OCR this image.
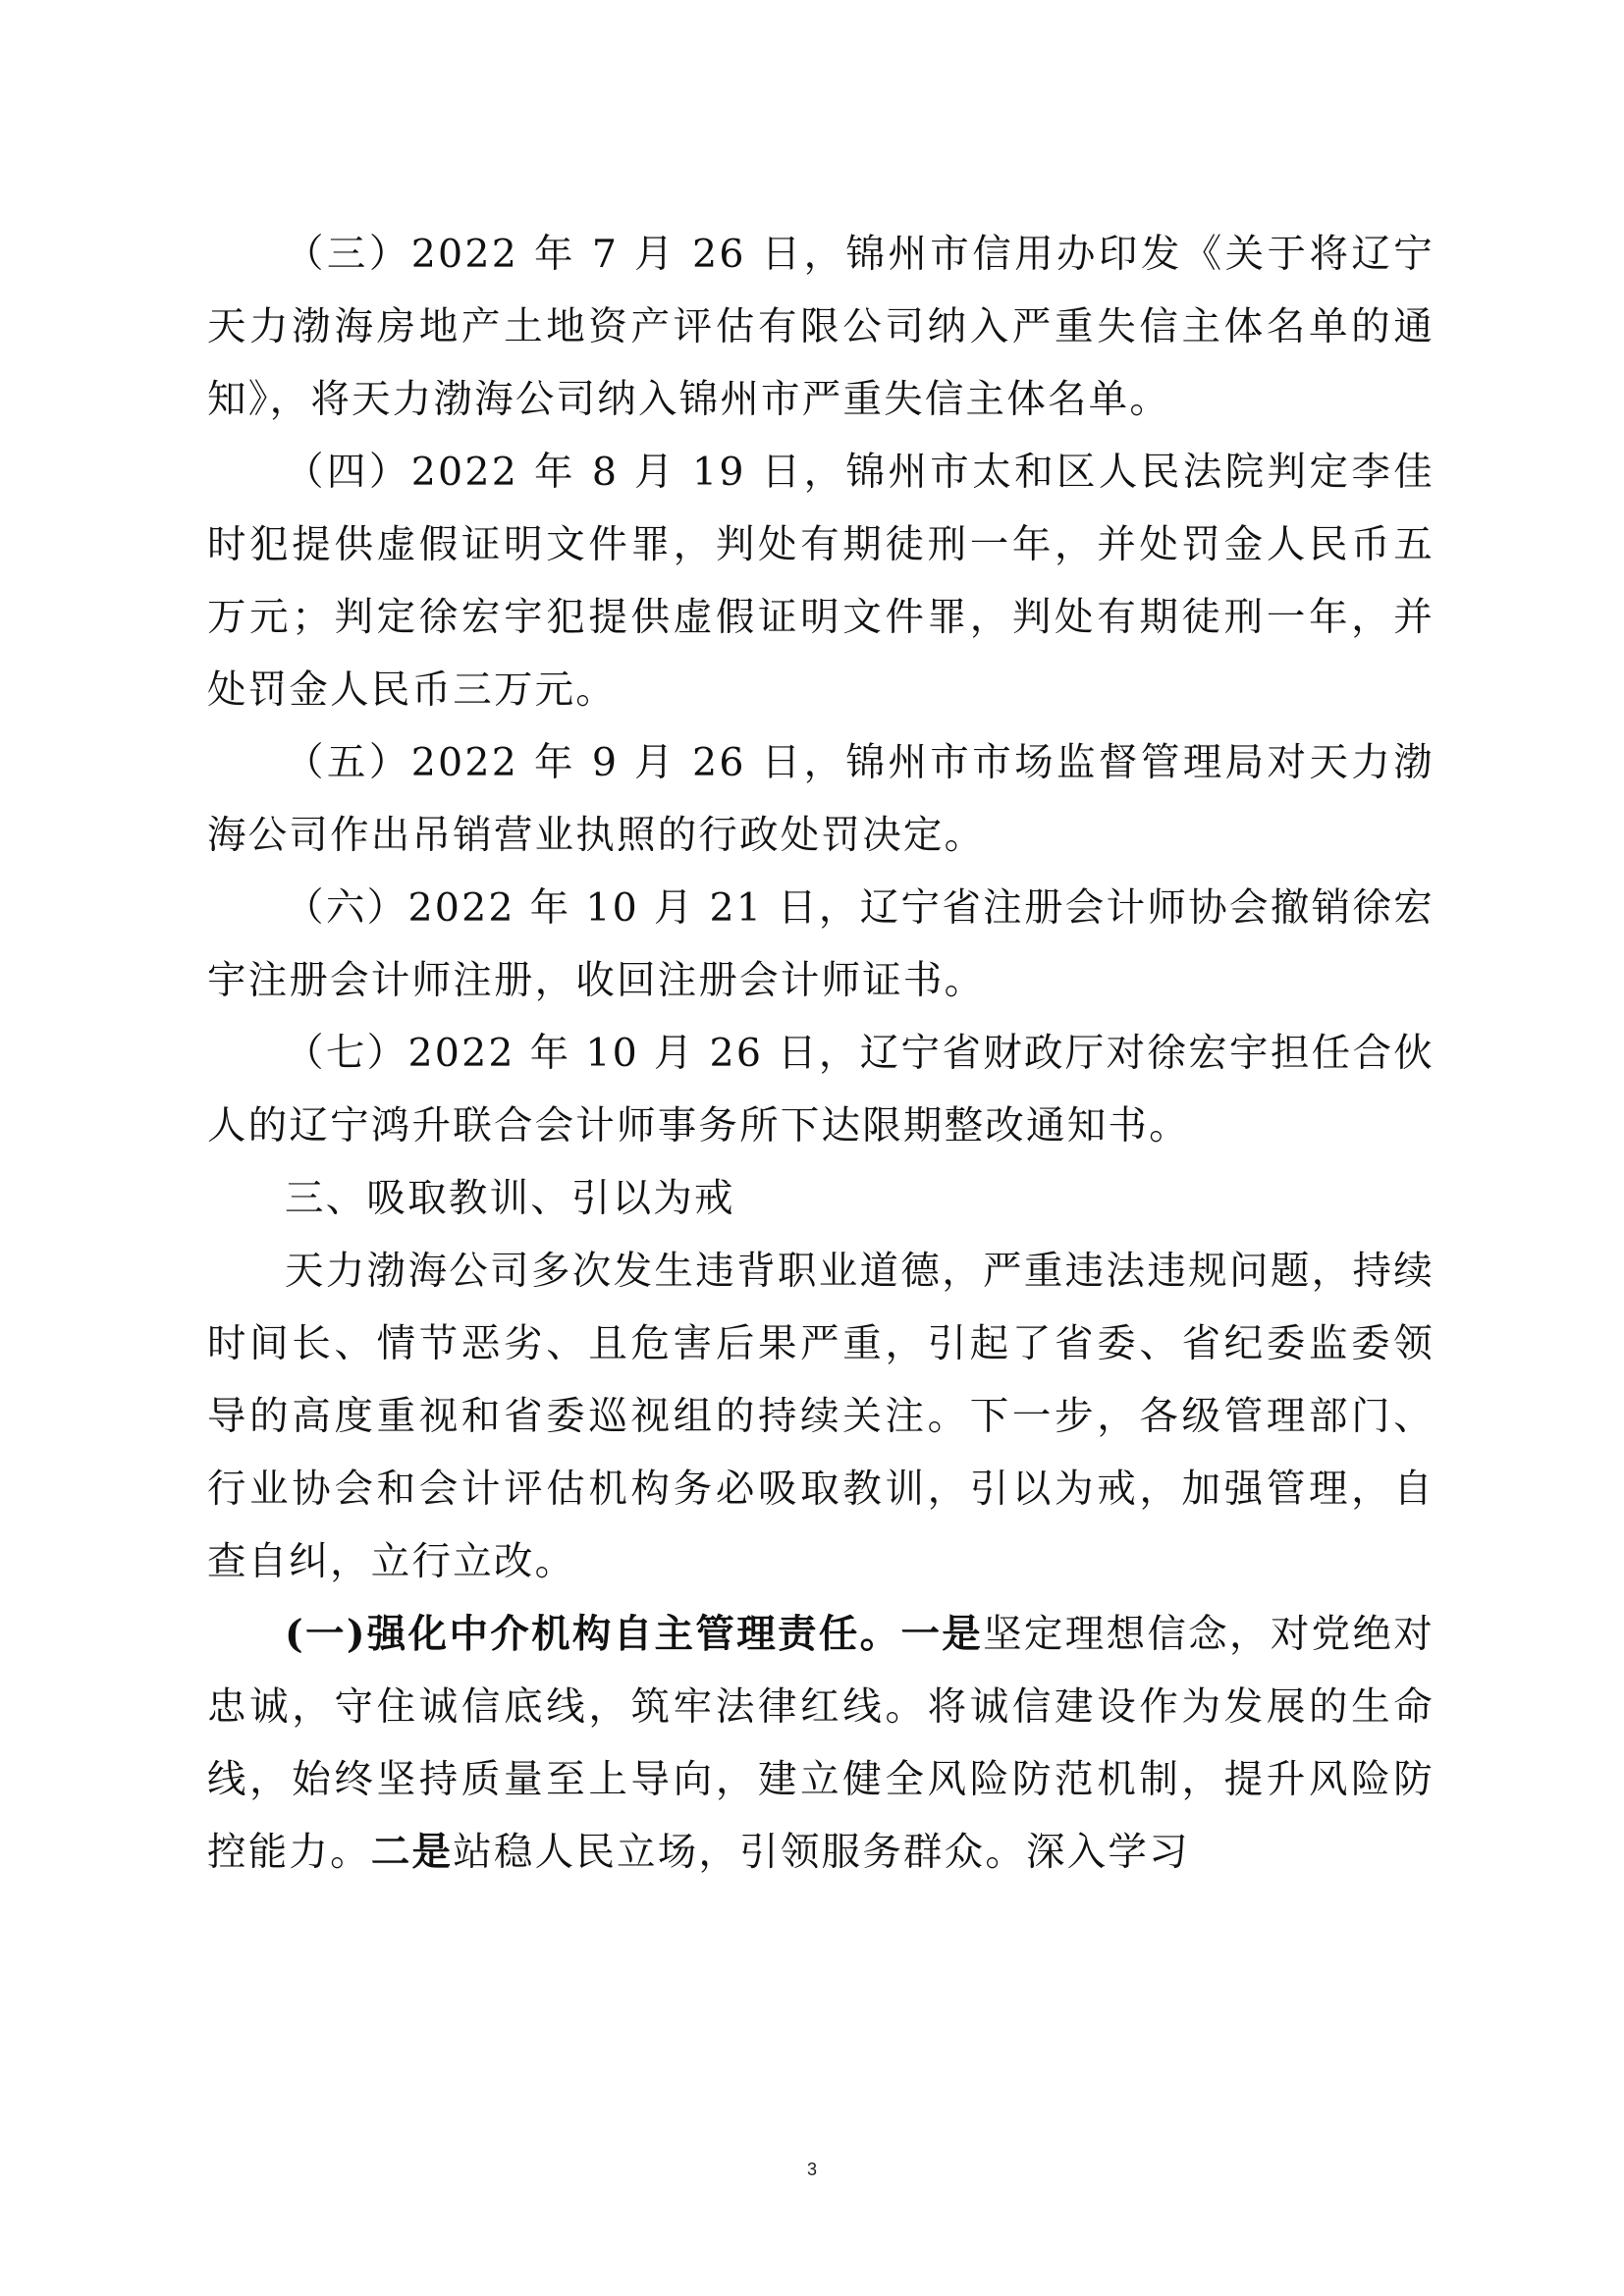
（三）2022 年 7 月 26 日，锦州市信用办印发《关于将辽宁天力渤海房地产土地资产评估有限公司纳入严重失信主体名单的通知》，将天力渤海公司纳入锦州市严重失信主体名单。

（四）2022 年 8 月 19 日，锦州市太和区人民法院判定李佳时犯提供虚假证明文件罪，判处有期徒刑一年，并处罚金人民币五万元；判定徐宏宇犯提供虚假证明文件罪，判处有期徒刑一年，并处罚金人民币三万元。

（五）2022 年 9 月 26 日，锦州市市场监督管理局对天力渤海公司作出吊销营业执照的行政处罚决定。

（六）2022 年 10 月 21 日，辽宁省注册会计师协会撤销徐宏宇注册会计师注册，收回注册会计师证书。

（七）2022 年 10 月 26 日，辽宁省财政厅对徐宏宇担任合伙人的辽宁鸿升联合会计师事务所下达限期整改通知书。

三、吸取教训、引以为戒

天力渤海公司多次发生违背职业道德，严重违法违规问题，持续时间长、情节恶劣、且危害后果严重，引起了省委、省纪委监委领导的高度重视和省委巡视组的持续关注。下一步，各级管理部门、行业协会和会计评估机构务必吸取教训，引以为戒，加强管理，自查自纠，立行立改。

(一)强化中介机构自主管理责任。一是坚定理想信念，对党绝对忠诚，守住诚信底线，筑牢法律红线。将诚信建设作为发展的生命线，始终坚持质量至上导向，建立健全风险防范机制，提升风险防控能力。二是站稳人民立场，引领服务群众。深入学习

3
